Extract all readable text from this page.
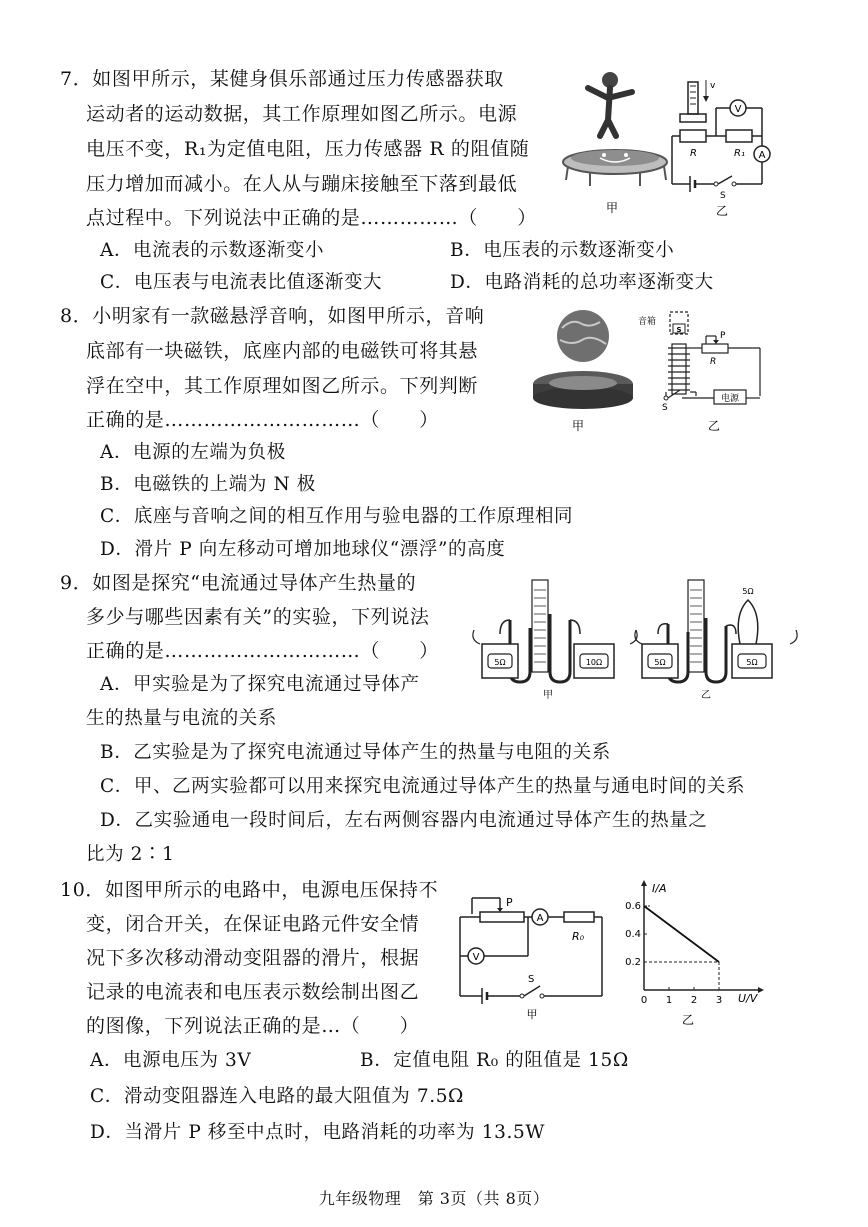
7．如图甲所示，某健身俱乐部通过压力传感器获取
运动者的运动数据，其工作原理如图乙所示。电源
电压不变，R₁为定值电阻，压力传感器 R 的阻值随
压力增加而减小。在人从与蹦床接触至下落到最低
点过程中。下列说法中正确的是……………（　　）
A．电流表的示数逐渐变小	B．电压表的示数逐渐变小
C．电压表与电流表比值逐渐变大	D．电路消耗的总功率逐渐变大
甲
v
R	R₁
V
A
S
乙
8．小明家有一款磁悬浮音响，如图甲所示，音响
底部有一块磁铁，底座内部的电磁铁可将其悬
浮在空中，其工作原理如图乙所示。下列判断
正确的是…………………………（　　）
A．电源的左端为负极
B．电磁铁的上端为 N 极
C．底座与音响之间的相互作用与验电器的工作原理相同
D．滑片 P 向左移动可增加地球仪“漂浮”的高度
甲
音箱
S
P
R
S
电源
乙
9．如图是探究“电流通过导体产生热量的
多少与哪些因素有关”的实验，下列说法
正确的是…………………………（　　）
A．甲实验是为了探究电流通过导体产
生的热量与电流的关系
B．乙实验是为了探究电流通过导体产生的热量与电阻的关系
C．甲、乙两实验都可以用来探究电流通过导体产生的热量与通电时间的关系
D．乙实验通电一段时间后，左右两侧容器内电流通过导体产生的热量之
比为 2∶1
5Ω	10Ω
甲
5Ω
5Ω	5Ω
乙
10．如图甲所示的电路中，电源电压保持不
变，闭合开关，在保证电路元件安全情
况下多次移动滑动变阻器的滑片，根据
记录的电流表和电压表示数绘制出图乙
的图像，下列说法正确的是…（　　）
A．电源电压为 3V	B．定值电阻 R₀ 的阻值是 15Ω
C．滑动变阻器连入电路的最大阻值为 7.5Ω
D．当滑片 P 移至中点时，电路消耗的功率为 13.5W
P
A
R₀
V
S
甲
0 1 2 3
0.2
0.4
0.6
I/A
U/V
乙
九年级物理　第 3页（共 8页）
